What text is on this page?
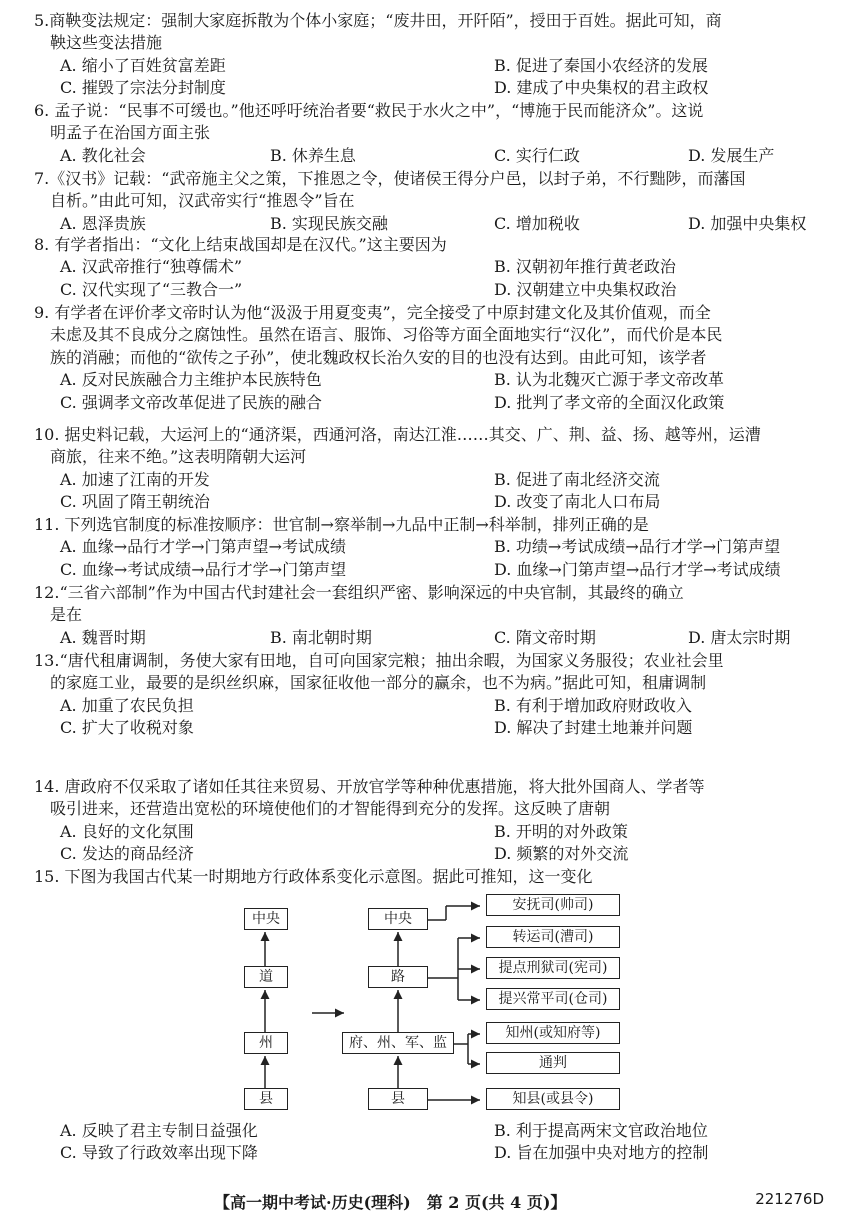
5.商鞅变法规定：强制大家庭拆散为个体小家庭；“废井田，开阡陌”，授田于百姓。据此可知，商
鞅这些变法措施
A. 缩小了百姓贫富差距	B. 促进了秦国小农经济的发展
C. 摧毁了宗法分封制度	D. 建成了中央集权的君主政权
6. 孟子说：“民事不可缓也。”他还呼吁统治者要“救民于水火之中”，“博施于民而能济众”。这说
明孟子在治国方面主张
A. 教化社会	B. 休养生息	C. 实行仁政	D. 发展生产
7.《汉书》记载：“武帝施主父之策，下推恩之令，使诸侯王得分户邑，以封子弟，不行黜陟，而藩国
自析。”由此可知，汉武帝实行“推恩令”旨在
A. 恩泽贵族	B. 实现民族交融	C. 增加税收	D. 加强中央集权
8. 有学者指出：“文化上结束战国却是在汉代。”这主要因为
A. 汉武帝推行“独尊儒术”	B. 汉朝初年推行黄老政治
C. 汉代实现了“三教合一”	D. 汉朝建立中央集权政治
9. 有学者在评价孝文帝时认为他“汲汲于用夏变夷”，完全接受了中原封建文化及其价值观，而全
未虑及其不良成分之腐蚀性。虽然在语言、服饰、习俗等方面全面地实行“汉化”，而代价是本民
族的消融；而他的“欲传之子孙”，使北魏政权长治久安的目的也没有达到。由此可知，该学者
A. 反对民族融合力主维护本民族特色	B. 认为北魏灭亡源于孝文帝改革
C. 强调孝文帝改革促进了民族的融合	D. 批判了孝文帝的全面汉化政策
10. 据史料记载，大运河上的“通济渠，西通河洛，南达江淮……其交、广、荆、益、扬、越等州，运漕
商旅，往来不绝。”这表明隋朝大运河
A. 加速了江南的开发	B. 促进了南北经济交流
C. 巩固了隋王朝统治	D. 改变了南北人口布局
11. 下列选官制度的标准按顺序：世官制→察举制→九品中正制→科举制，排列正确的是
A. 血缘→品行才学→门第声望→考试成绩	B. 功绩→考试成绩→品行才学→门第声望
C. 血缘→考试成绩→品行才学→门第声望	D. 血缘→门第声望→品行才学→考试成绩
12.“三省六部制”作为中国古代封建社会一套组织严密、影响深远的中央官制，其最终的确立
是在
A. 魏晋时期	B. 南北朝时期	C. 隋文帝时期	D. 唐太宗时期
13.“唐代租庸调制，务使大家有田地，自可向国家完粮；抽出余暇，为国家义务服役；农业社会里
的家庭工业，最要的是织丝织麻，国家征收他一部分的赢余，也不为病。”据此可知，租庸调制
A. 加重了农民负担	B. 有利于增加政府财政收入
C. 扩大了收税对象	D. 解决了封建土地兼并问题
14. 唐政府不仅采取了诸如任其往来贸易、开放官学等种种优惠措施，将大批外国商人、学者等
吸引进来，还营造出宽松的环境使他们的才智能得到充分的发挥。这反映了唐朝
A. 良好的文化氛围	B. 开明的对外政策
C. 发达的商品经济	D. 频繁的对外交流
15. 下图为我国古代某一时期地方行政体系变化示意图。据此可推知，这一变化
中央
道
州
县
中央
路
府、州、军、监
县
安抚司(帅司)
转运司(漕司)
提点刑狱司(宪司)
提兴常平司(仓司)
知州(或知府等)
通判
知县(或县令)
A. 反映了君主专制日益强化	B. 利于提高两宋文官政治地位
C. 导致了行政效率出现下降	D. 旨在加强中央对地方的控制
【高一期中考试·历史(理科)　第 2 页(共 4 页)】	221276D
